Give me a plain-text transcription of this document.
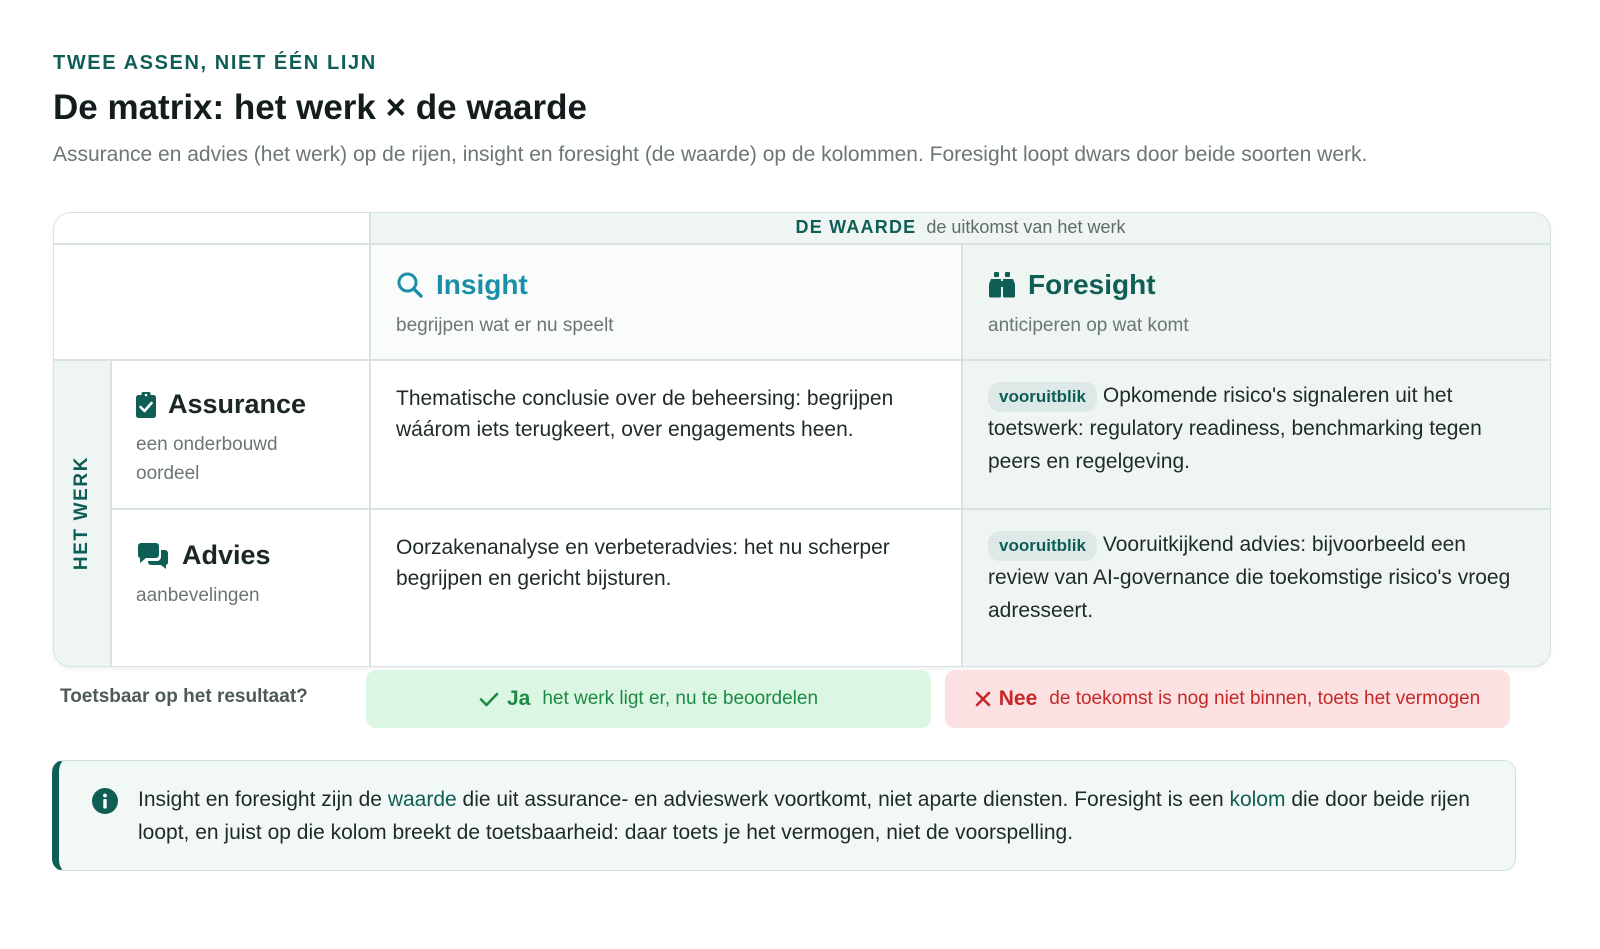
TWEE ASSEN, NIET ÉÉN LIJN
De matrix: het werk × de waarde
Assurance en advies (het werk) op de rijen, insight en foresight (de waarde) op de kolommen. Foresight loopt dwars door beide soorten werk.
DE WAARDE de uitkomst van het werk
Insight
begrijpen wat er nu speelt
Foresight
anticiperen op wat komt
HET WERK
Assurance
een onderbouwd oordeel
Thematische conclusie over de beheersing: begrijpen wáárom iets terugkeert, over engagements heen.
vooruitblik Opkomende risico's signaleren uit het toetswerk: regulatory readiness, benchmarking tegen peers en regelgeving.
Advies
aanbevelingen
Oorzakenanalyse en verbeteradvies: het nu scherper begrijpen en gericht bijsturen.
vooruitblik Vooruitkijkend advies: bijvoorbeeld een review van AI-governance die toekomstige risico's vroeg adresseert.
Toetsbaar op het resultaat?	Ja het werk ligt er, nu te beoordelen	Nee de toekomst is nog niet binnen, toets het vermogen
Insight en foresight zijn de waarde die uit assurance- en advieswerk voortkomt, niet aparte diensten. Foresight is een kolom die door beide rijen loopt, en juist op die kolom breekt de toetsbaarheid: daar toets je het vermogen, niet de voorspelling.
